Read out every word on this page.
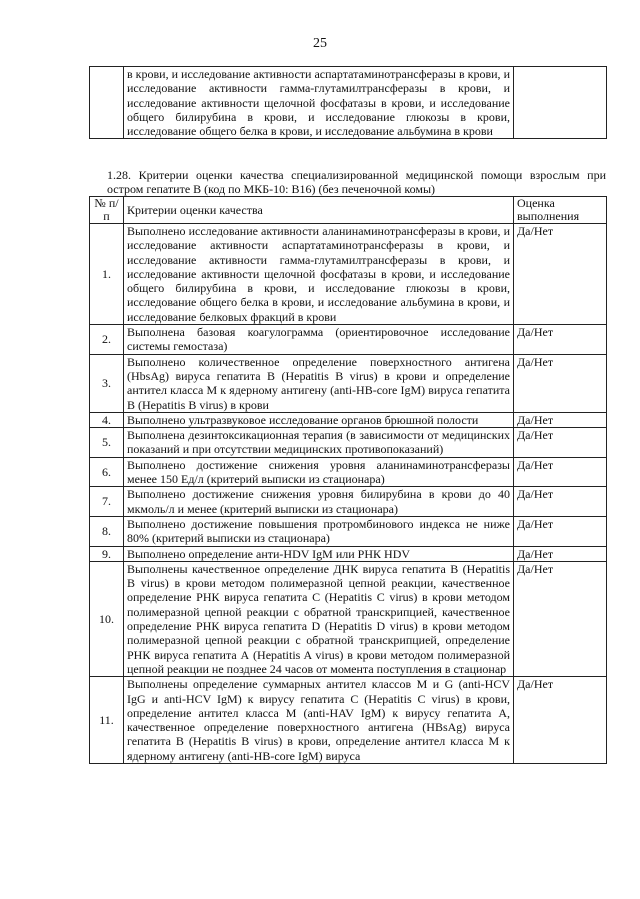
25
	в крови, и исследование активности аспартатаминотрансферазы в крови, и исследование активности гамма-глутамилтрансферазы в крови, и исследование активности щелочной фосфатазы в крови, и исследование общего билирубина в крови, и исследование глюкозы в крови, исследование общего белка в крови, и исследование альбумина в крови	
1.28. Критерии оценки качества специализированной медицинской помощи взрослым при остром гепатите В (код по МКБ-10: В16) (без печеночной комы)
№ п/п	Критерии оценки качества	Оценка выполнения
1.	Выполнено исследование активности аланинаминотрансферазы в крови, и исследование активности аспартатаминотрансферазы в крови, и исследование активности гамма-глутамилтрансферазы в крови, и исследование активности щелочной фосфатазы в крови, и исследование общего билирубина в крови, и исследование глюкозы в крови, исследование общего белка в крови, и исследование альбумина в крови, и исследование белковых фракций в крови	Да/Нет
2.	Выполнена базовая коагулограмма (ориентировочное исследование системы гемостаза)	Да/Нет
3.	Выполнено количественное определение поверхностного антигена (HbsAg) вируса гепатита В (Hepatitis B virus) в крови и определение антител класса М к ядерному антигену (anti-HB-core IgM) вируса гепатита В (Hepatitis B virus) в крови	Да/Нет
4.	Выполнено ультразвуковое исследование органов брюшной полости	Да/Нет
5.	Выполнена дезинтоксикационная терапия (в зависимости от медицинских показаний и при отсутствии медицинских противопоказаний)	Да/Нет
6.	Выполнено достижение снижения уровня аланинаминотрансферазы менее 150 Ед/л (критерий выписки из стационара)	Да/Нет
7.	Выполнено достижение снижения уровня билирубина в крови до 40 мкмоль/л и менее (критерий выписки из стационара)	Да/Нет
8.	Выполнено достижение повышения протромбинового индекса не ниже 80% (критерий выписки из стационара)	Да/Нет
9.	Выполнено определение анти-HDV IgM или РНК HDV	Да/Нет
10.	Выполнены качественное определение ДНК вируса гепатита В (Hepatitis B virus) в крови методом полимеразной цепной реакции, качественное определение РНК вируса гепатита С (Hepatitis C virus) в крови методом полимеразной цепной реакции с обратной транскрипцией, качественное определение РНК вируса гепатита D (Hepatitis D virus) в крови методом полимеразной цепной реакции с обратной транскрипцией, определение РНК вируса гепатита А (Hepatitis A virus) в крови методом полимеразной цепной реакции не позднее 24 часов от момента поступления в стационар	Да/Нет
11.	Выполнены определение суммарных антител классов М и G (anti-HCV IgG и anti-HCV IgM) к вирусу гепатита С (Hepatitis C virus) в крови, определение антител класса М (anti-HAV IgM) к вирусу гепатита А, качественное определение поверхностного антигена (HBsAg) вируса гепатита В (Hepatitis B virus) в крови, определение антител класса М к ядерному антигену (anti-HB-core IgM) вируса	Да/Нет
